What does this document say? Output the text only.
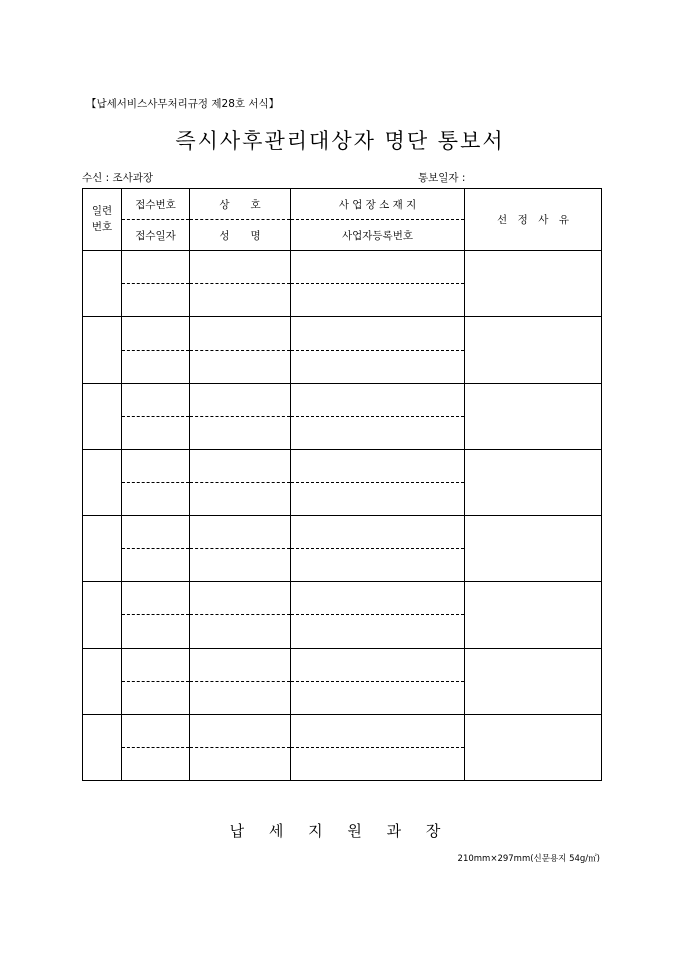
【납세서비스사무처리규정 제28호 서식】
즉시사후관리대상자 명단 통보서
수신 : 조사과장	통보일자 :
일련
번호	접수번호	상　　호	사 업 장 소 재 지	선　정　사　유
	접수일자	성　　명	사업자등록번호	

납 세 지 원 과 장
210mm×297mm(신문용지 54g/㎡)
